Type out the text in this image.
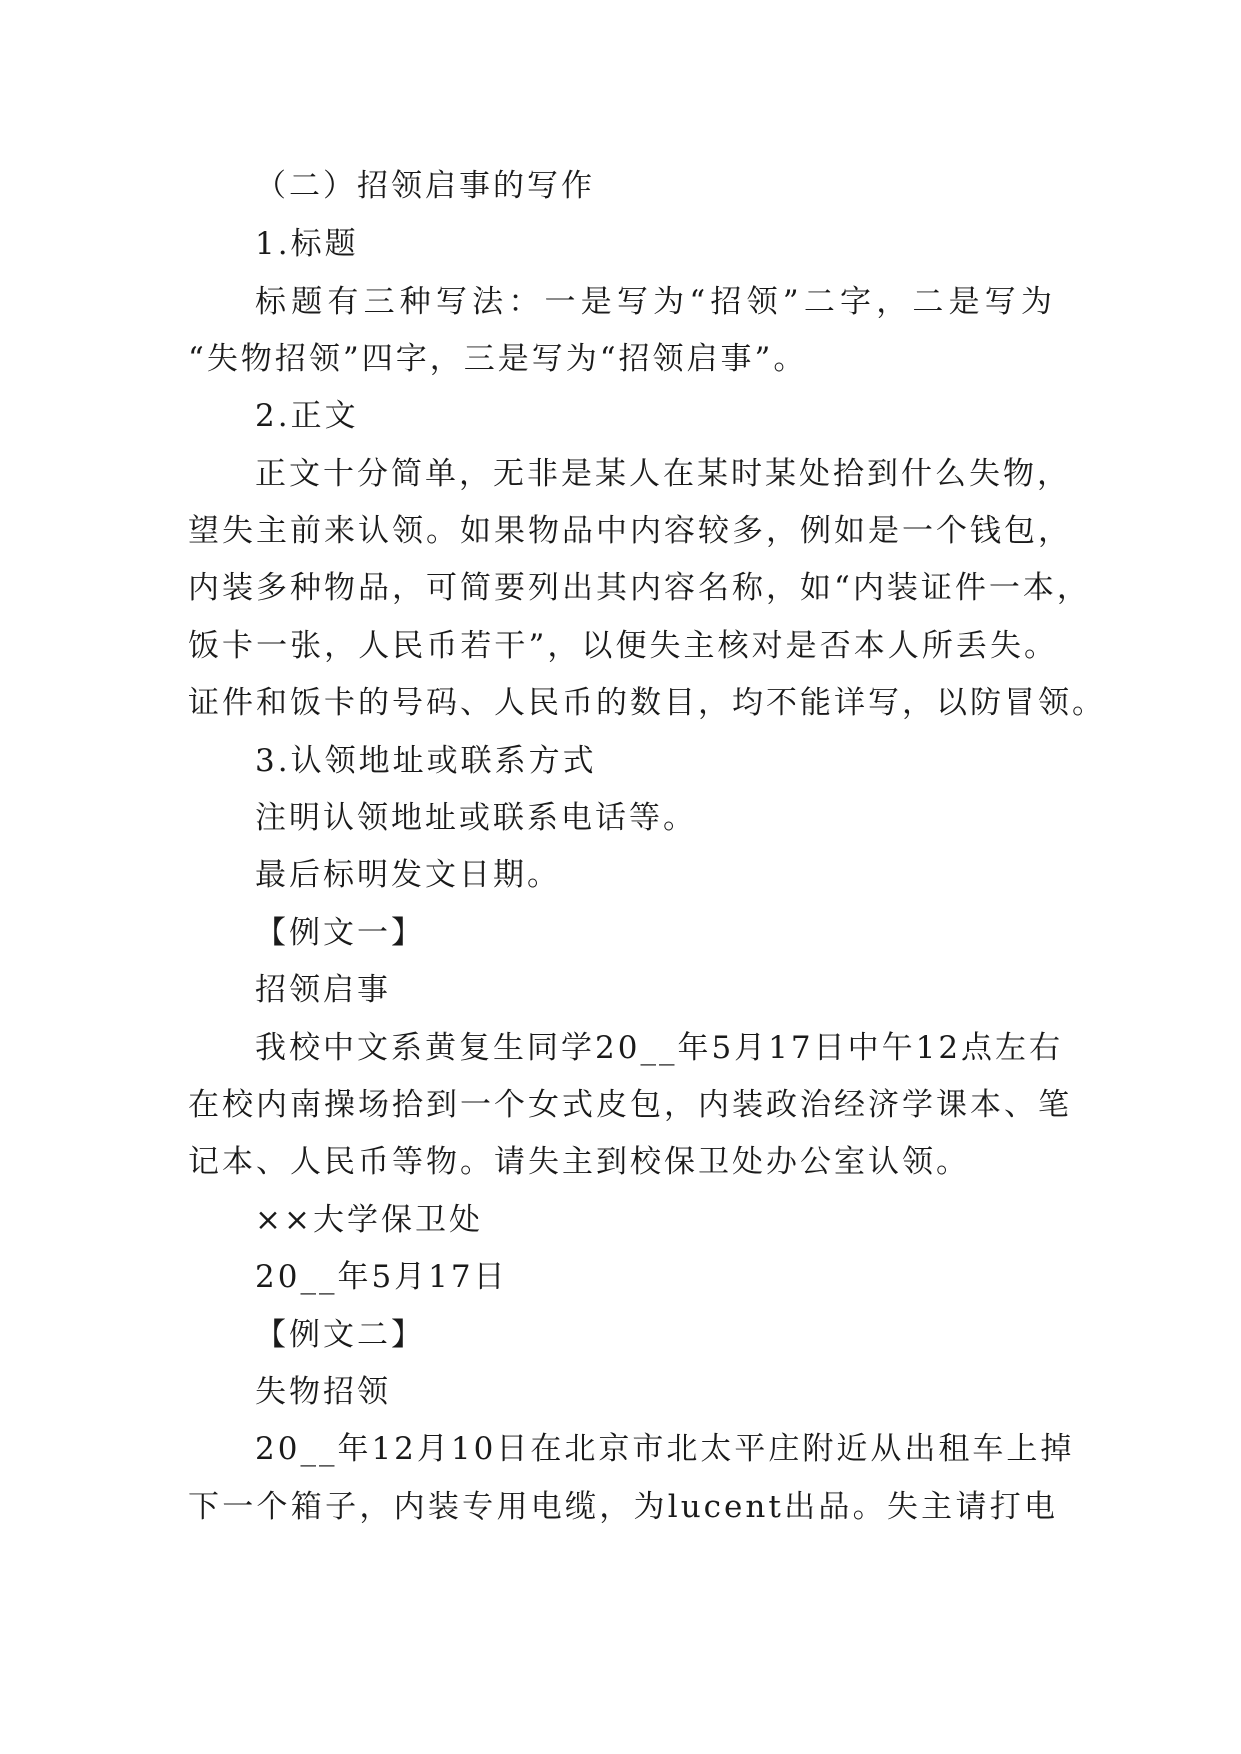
（二）招领启事的写作
1.标题
标题有三种写法：一是写为“招领”二字，二是写为
“失物招领”四字，三是写为“招领启事”。
2.正文
正文十分简单，无非是某人在某时某处拾到什么失物，
望失主前来认领。如果物品中内容较多，例如是一个钱包，
内装多种物品，可简要列出其内容名称，如“内装证件一本，
饭卡一张，人民币若干”，以便失主核对是否本人所丢失。
证件和饭卡的号码、人民币的数目，均不能详写，以防冒领。
3.认领地址或联系方式
注明认领地址或联系电话等。
最后标明发文日期。
【例文一】
招领启事
我校中文系黄复生同学20__年5月17日中午12点左右
在校内南操场拾到一个女式皮包，内装政治经济学课本、笔
记本、人民币等物。请失主到校保卫处办公室认领。
××大学保卫处
20__年5月17日
【例文二】
失物招领
20__年12月10日在北京市北太平庄附近从出租车上掉
下一个箱子，内装专用电缆，为lucent出品。失主请打电
